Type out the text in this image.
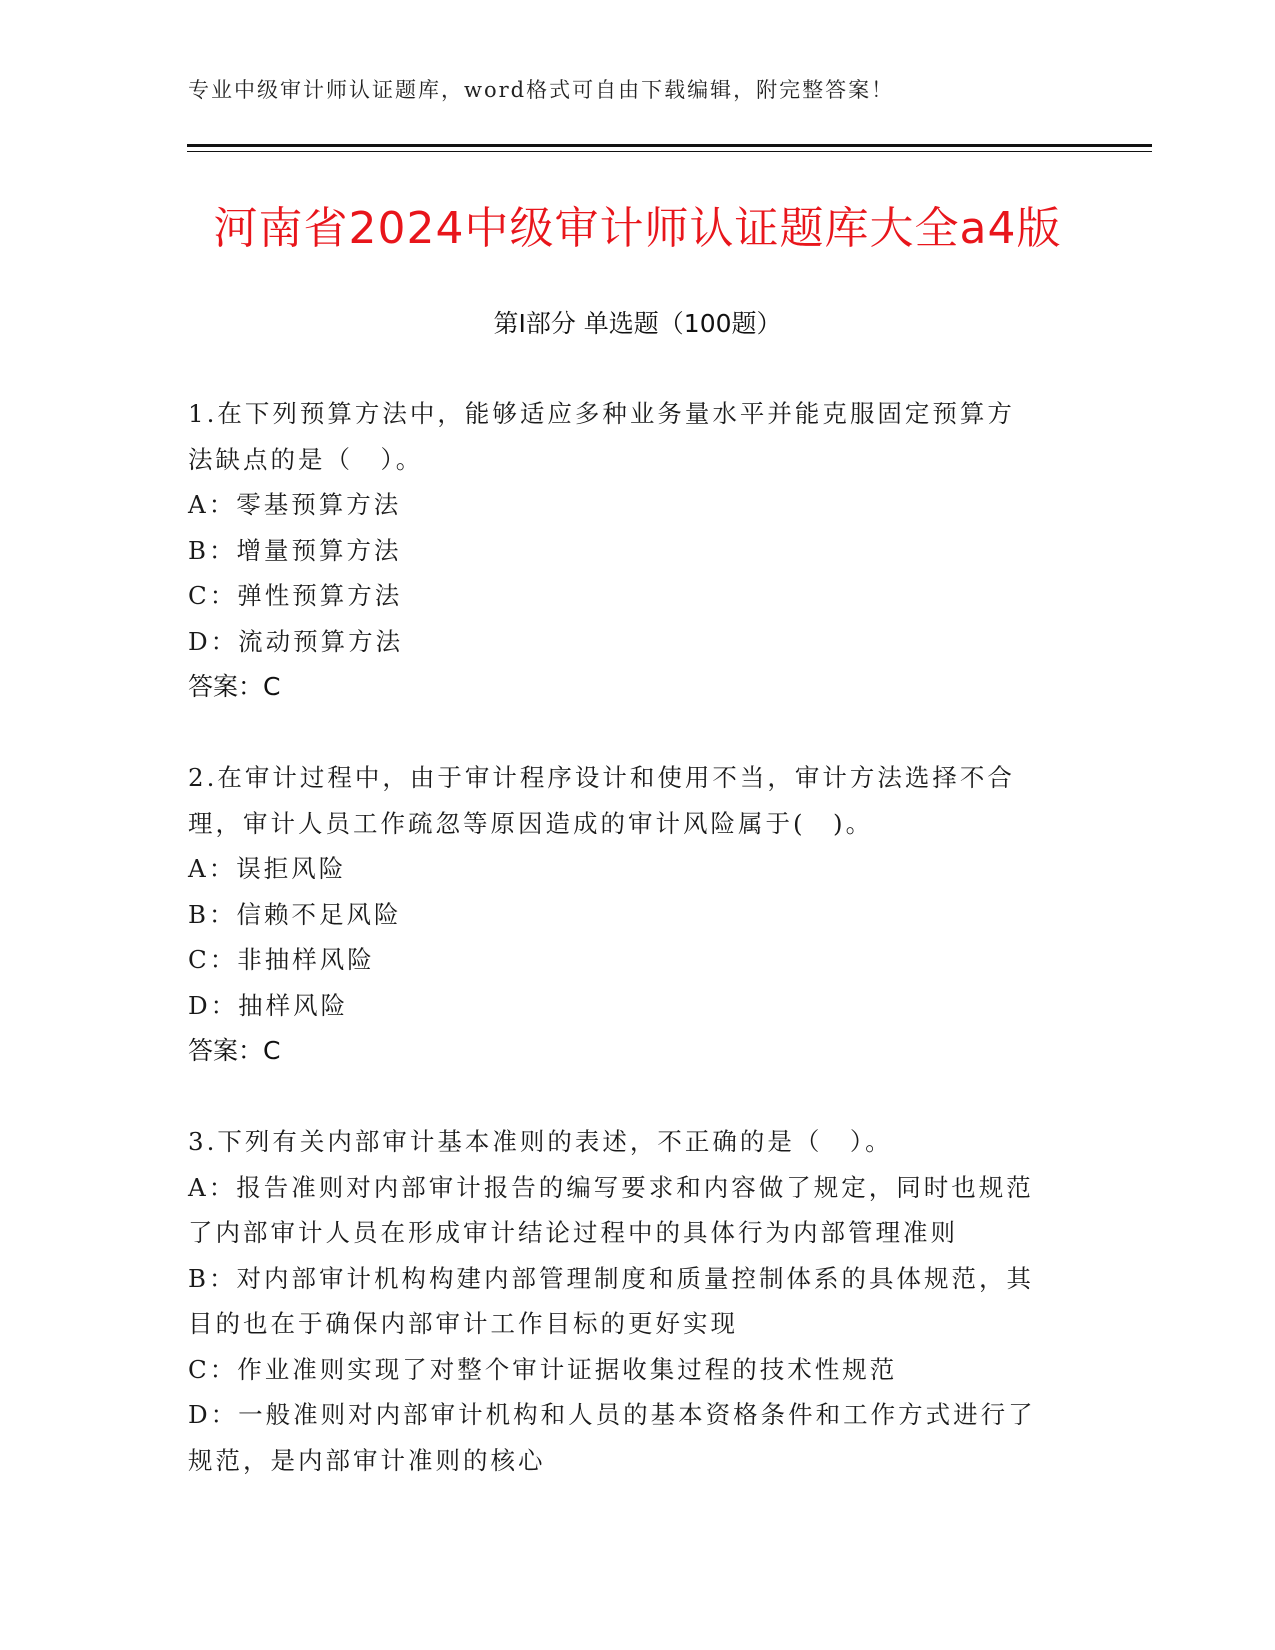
专业中级审计师认证题库，word格式可自由下载编辑，附完整答案！
河南省2024中级审计师认证题库大全a4版
第Ⅰ部分 单选题（100题）
1.在下列预算方法中，能够适应多种业务量水平并能克服固定预算方
法缺点的是（　）。
A：零基预算方法
B：增量预算方法
C：弹性预算方法
D：流动预算方法
答案：C
2.在审计过程中，由于审计程序设计和使用不当，审计方法选择不合
理，审计人员工作疏忽等原因造成的审计风险属于(　)。
A：误拒风险
B：信赖不足风险
C：非抽样风险
D：抽样风险
答案：C
3.下列有关内部审计基本准则的表述，不正确的是（　）。
A：报告准则对内部审计报告的编写要求和内容做了规定，同时也规范
了内部审计人员在形成审计结论过程中的具体行为内部管理准则
B：对内部审计机构构建内部管理制度和质量控制体系的具体规范，其
目的也在于确保内部审计工作目标的更好实现
C：作业准则实现了对整个审计证据收集过程的技术性规范
D：一般准则对内部审计机构和人员的基本资格条件和工作方式进行了
规范，是内部审计准则的核心
